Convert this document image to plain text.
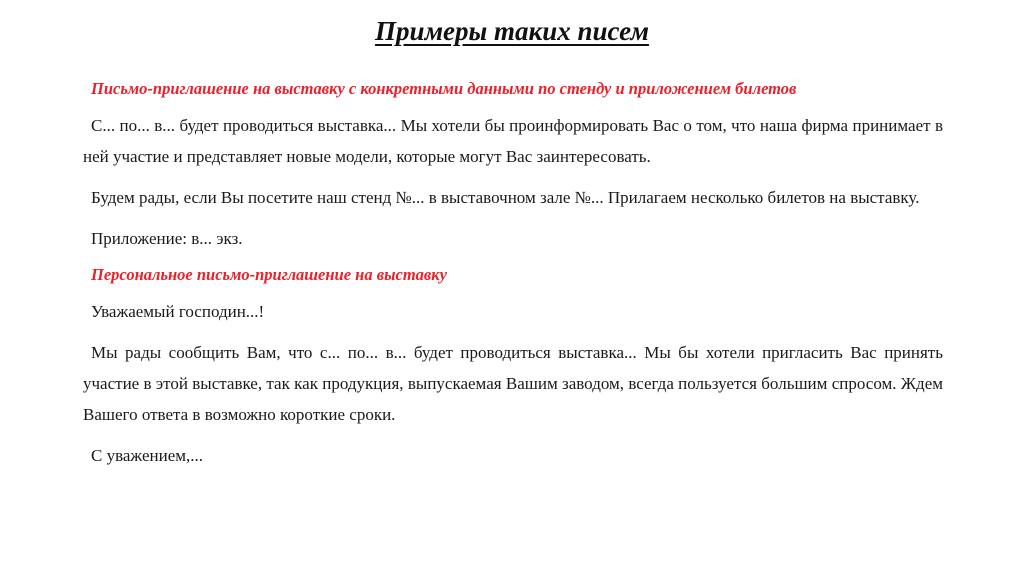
Примеры таких писем

Письмо-приглашение на выставку с конкретными данными по стенду и приложением билетов

С... по... в... будет проводиться выставка... Мы хотели бы проинформировать Вас о том, что наша фирма принимает в ней участие и представляет новые модели, которые могут Вас заинтересовать.

Будем рады, если Вы посетите наш стенд №... в выставочном зале №... Прилагаем несколько билетов на выставку.

Приложение: в... экз.

Персональное письмо-приглашение на выставку

Уважаемый господин...!

Мы рады сообщить Вам, что с... по... в... будет проводиться выставка... Мы бы хотели пригласить Вас принять участие в этой выставке, так как продукция, выпускаемая Вашим заводом, всегда пользуется большим спросом. Ждем Вашего ответа в возможно короткие сроки.

С уважением,...
